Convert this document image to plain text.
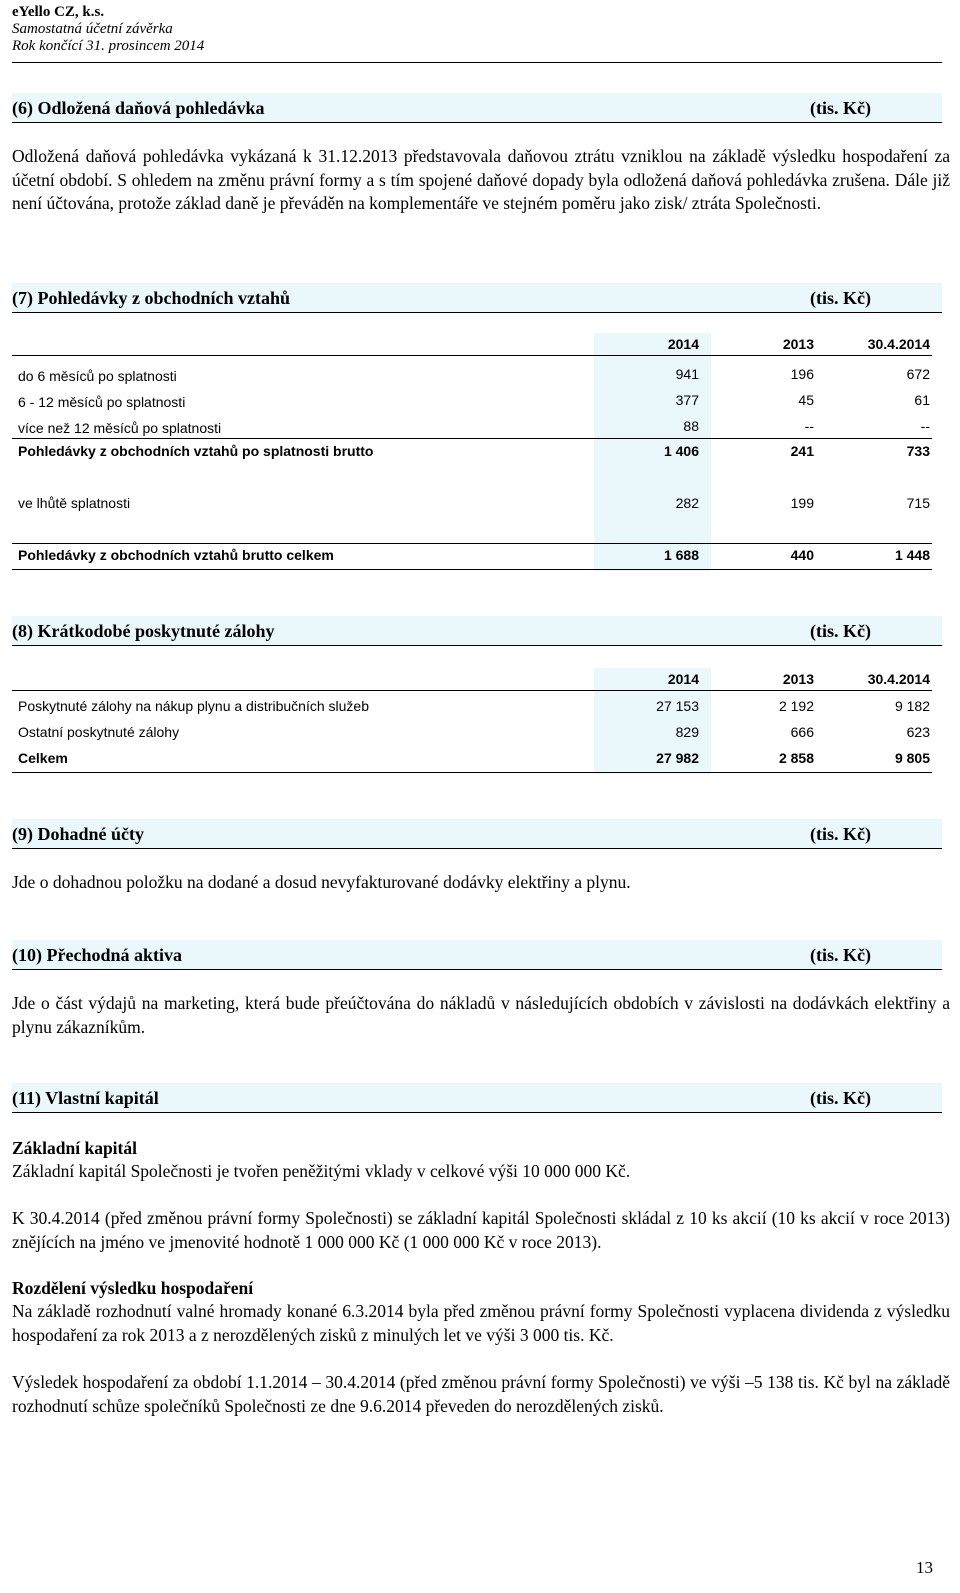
eYello CZ, k.s.
Samostatná účetní závěrka
Rok končící 31. prosincem 2014
(6) Odložená daňová pohledávka	(tis. Kč)
Odložená daňová pohledávka vykázaná k 31.12.2013 představovala daňovou ztrátu vzniklou na základě výsledku hospodaření za účetní období. S ohledem na změnu právní formy a s tím spojené daňové dopady byla odložená daňová pohledávka zrušena. Dále již není účtována, protože základ daně je převáděn na komplementáře ve stejném poměru jako zisk/ ztráta Společnosti.
(7) Pohledávky z obchodních vztahů	(tis. Kč)
2014	2013	30.4.2014
do 6 měsíců po splatnosti	941	196	672
6 - 12 měsíců po splatnosti	377	45	61
více než 12 měsíců po splatnosti	88	--	--
Pohledávky z obchodních vztahů po splatnosti brutto	1 406	241	733
ve lhůtě splatnosti	282	199	715
Pohledávky z obchodních vztahů brutto celkem	1 688	440	1 448
(8) Krátkodobé poskytnuté zálohy	(tis. Kč)
2014	2013	30.4.2014
Poskytnuté zálohy na nákup plynu a distribučních služeb	27 153	2 192	9 182
Ostatní poskytnuté zálohy	829	666	623
Celkem	27 982	2 858	9 805
(9) Dohadné účty	(tis. Kč)
Jde o dohadnou položku na dodané a dosud nevyfakturované dodávky elektřiny a plynu.
(10) Přechodná aktiva	(tis. Kč)
Jde o část výdajů na marketing, která bude přeúčtována do nákladů v následujících obdobích v závislosti na dodávkách elektřiny a plynu zákazníkům.
(11) Vlastní kapitál	(tis. Kč)
Základní kapitál
Základní kapitál Společnosti je tvořen peněžitými vklady v celkové výši 10 000 000 Kč.
K 30.4.2014 (před změnou právní formy Společnosti) se základní kapitál Společnosti skládal z 10 ks akcií (10 ks akcií v roce 2013) znějících na jméno ve jmenovité hodnotě 1 000 000 Kč (1 000 000 Kč v roce 2013).
Rozdělení výsledku hospodaření
Na základě rozhodnutí valné hromady konané 6.3.2014 byla před změnou právní formy Společnosti vyplacena dividenda z výsledku hospodaření za rok 2013 a z nerozdělených zisků z minulých let ve výši 3 000 tis. Kč.
Výsledek hospodaření za období 1.1.2014 – 30.4.2014 (před změnou právní formy Společnosti) ve výši –5 138 tis. Kč byl na základě rozhodnutí schůze společníků Společnosti ze dne 9.6.2014 převeden do nerozdělených zisků.
13
